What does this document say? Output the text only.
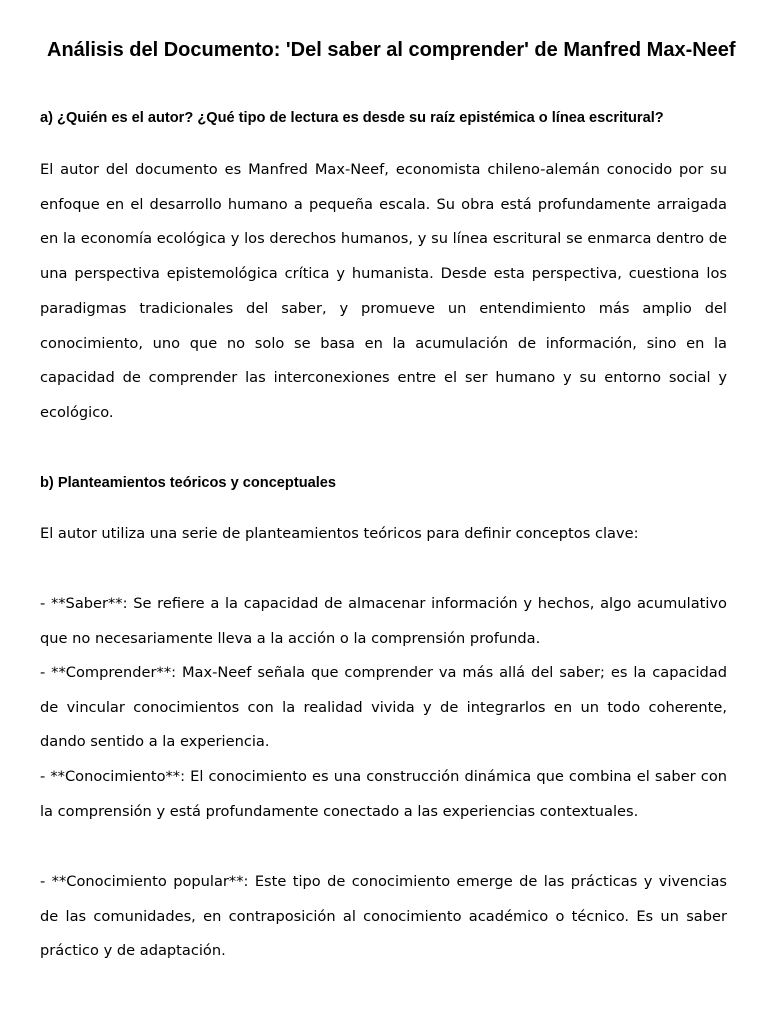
Análisis del Documento: 'Del saber al comprender' de Manfred Max-Neef
a) ¿Quién es el autor? ¿Qué tipo de lectura es desde su raíz epistémica o línea escritural?

El autor del documento es Manfred Max-Neef, economista chileno-alemán conocido por su enfoque en el desarrollo humano a pequeña escala. Su obra está profundamente arraigada en la economía ecológica y los derechos humanos, y su línea escritural se enmarca dentro de una perspectiva epistemológica crítica y humanista. Desde esta perspectiva, cuestiona los paradigmas tradicionales del saber, y promueve un entendimiento más amplio del conocimiento, uno que no solo se basa en la acumulación de información, sino en la capacidad de comprender las interconexiones entre el ser humano y su entorno social y ecológico.

b) Planteamientos teóricos y conceptuales

El autor utiliza una serie de planteamientos teóricos para definir conceptos clave:

- **Saber**: Se refiere a la capacidad de almacenar información y hechos, algo acumulativo que no necesariamente lleva a la acción o la comprensión profunda.

- **Comprender**: Max-Neef señala que comprender va más allá del saber; es la capacidad de vincular conocimientos con la realidad vivida y de integrarlos en un todo coherente, dando sentido a la experiencia.

- **Conocimiento**: El conocimiento es una construcción dinámica que combina el saber con la comprensión y está profundamente conectado a las experiencias contextuales.

- **Conocimiento popular**: Este tipo de conocimiento emerge de las prácticas y vivencias de las comunidades, en contraposición al conocimiento académico o técnico. Es un saber práctico y de adaptación.
